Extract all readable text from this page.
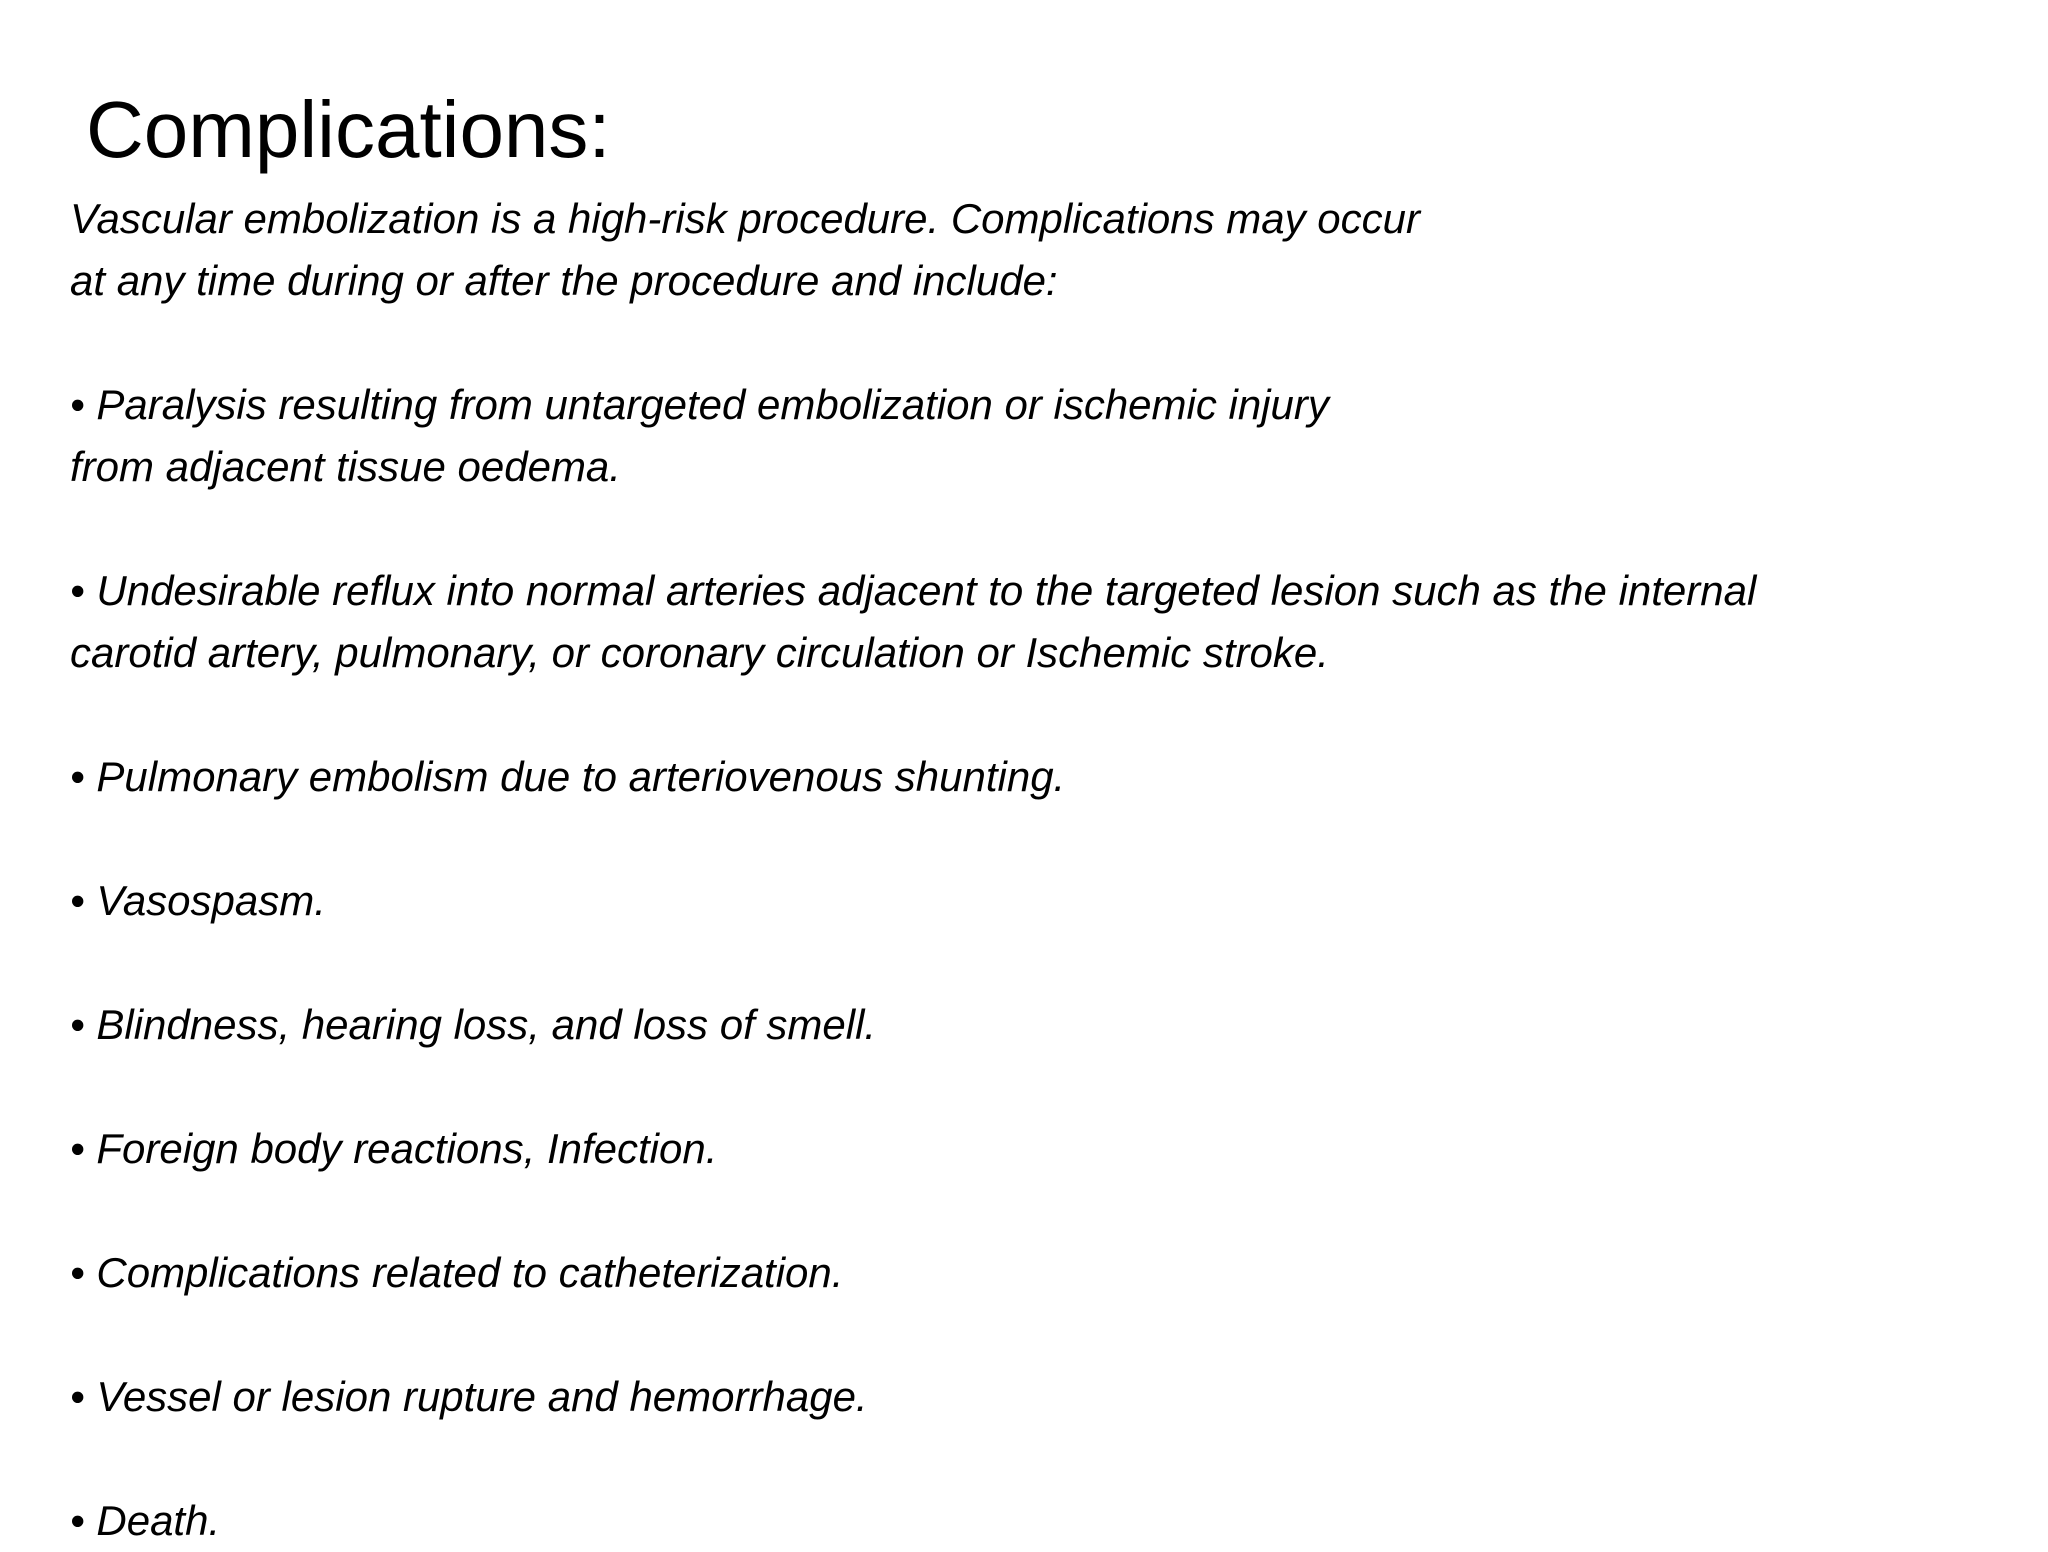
Complications:
Vascular embolization is a high-risk procedure. Complications may occur
at any time during or after the procedure and include:
• Paralysis resulting from untargeted embolization or ischemic injury
from adjacent tissue oedema.
• Undesirable reflux into normal arteries adjacent to the targeted lesion such as the internal
carotid artery, pulmonary, or coronary circulation or Ischemic stroke.
• Pulmonary embolism due to arteriovenous shunting.
• Vasospasm.
• Blindness, hearing loss, and loss of smell.
• Foreign body reactions, Infection.
• Complications related to catheterization.
• Vessel or lesion rupture and hemorrhage.
• Death.
